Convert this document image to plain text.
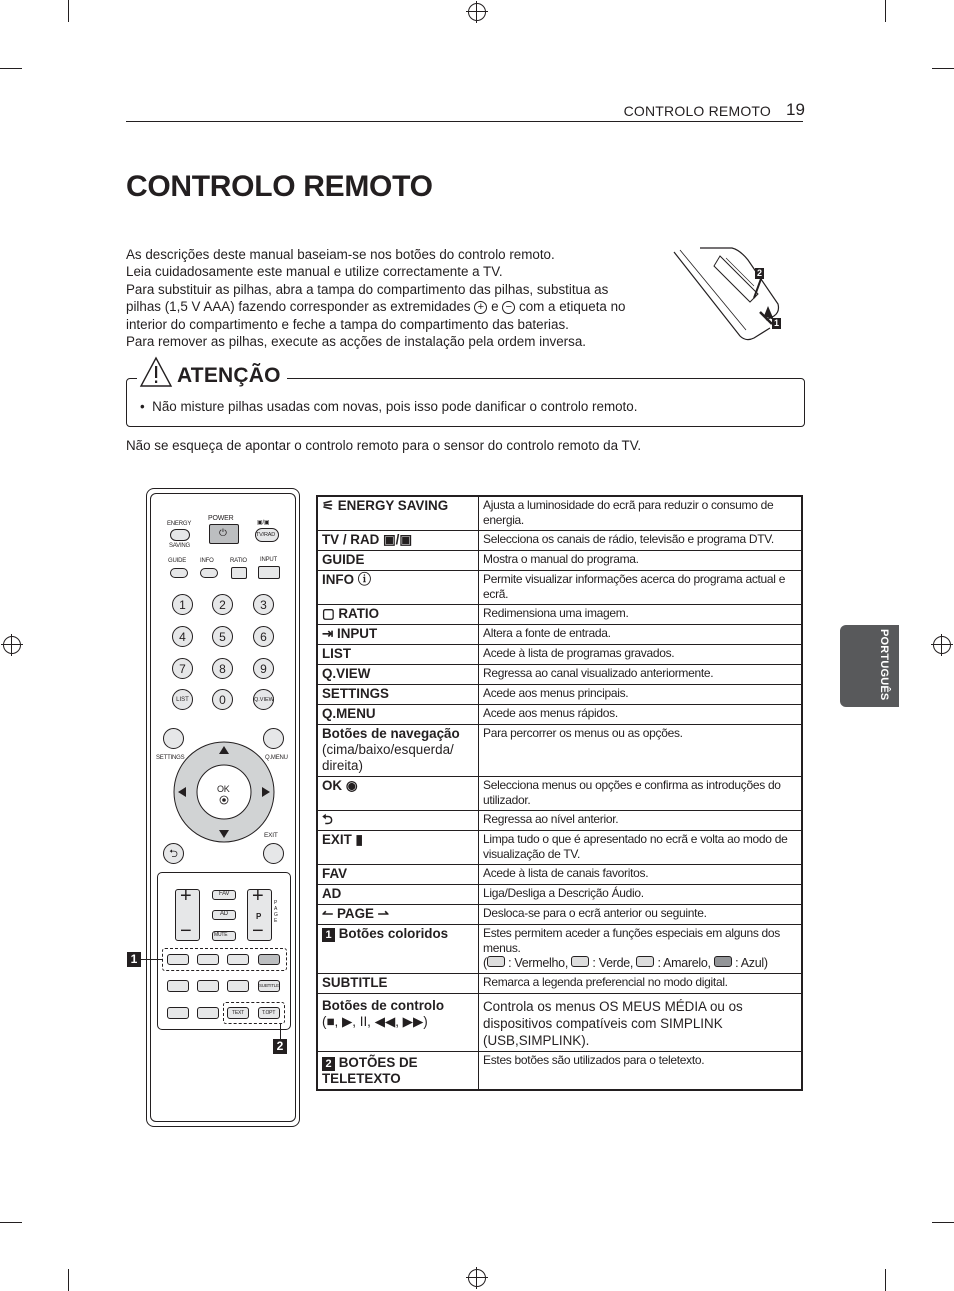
CONTROLO REMOTO 19
CONTROLO REMOTO

As descrições deste manual baseiam-se nos botões do controlo remoto.

Leia cuidadosamente este manual e utilize correctamente a TV.

Para substituir as pilhas, abra a tampa do compartimento das pilhas, substitua as

pilhas (1,5 V AAA) fazendo corresponder as extremidades + e − com a etiqueta no

interior do compartimento e feche a tampa do compartimento das baterias.

Para remover as pilhas, execute as acções de instalação pela ordem inversa.

2
1
ATENÇÃO
• Não misture pilhas usadas com novas, pois isso pode danificar o controlo remoto.
Não se esqueça de apontar o controlo remoto para o sensor do controlo remoto da TV.
PORTUGUÊS
ENERGY
SAVING
POWER
⏻
▣/▣
TV/RAD
GUIDE INFO	RATIO INPUT
1	2	3
4	5	6
7	8	9
LIST	0	Q.VIEW
SETTINGS	Q.MENU
OK
EXIT
⮌
+
−
+
P
−
FAV
AD
MUTE
PAGE
1
SUBTITLE
TEXT	T.OPT
2
⚟ ENERGY SAVING	Ajusta a luminosidade do ecrã para reduzir o consumo de energia.
TV / RAD ▣/▣	Selecciona os canais de rádio, televisão e programa DTV.
GUIDE	Mostra o manual do programa.
INFO ⓘ	Permite visualizar informações acerca do programa actual e ecrã.
▢ RATIO	Redimensiona uma imagem.
⇥ INPUT	Altera a fonte de entrada.
LIST	Acede à lista de programas gravados.
Q.VIEW	Regressa ao canal visualizado anteriormente.
SETTINGS	Acede aos menus principais.
Q.MENU	Acede aos menus rápidos.
Botões de navegação
(cima/baixo/esquerda/ direita)	Para percorrer os menus ou as opções.
OK ◉	Selecciona menus ou opções e confirma as introduções do utilizador.
⮌	Regressa ao nível anterior.
EXIT ▮	Limpa tudo o que é apresentado no ecrã e volta ao modo de visualização de TV.
FAV	Acede à lista de canais favoritos.
AD	Liga/Desliga a Descrição Áudio.
↼ PAGE ⇀	Desloca-se para o ecrã anterior ou seguinte.
1 Botões coloridos	Estes permitem aceder a funções especiais em alguns dos menus.
( : Vermelho, : Verde, : Amarelo, : Azul)
SUBTITLE	Remarca a legenda preferencial no modo digital.
Botões de controlo
(■, ▶, II, ◀◀, ▶▶)	Controla os menus OS MEUS MÉDIA ou os dispositivos compatíveis com SIMPLINK (USB,SIMPLINK).
2 BOTÕES DE TELETEXTO	Estes botões são utilizados para o teletexto.
